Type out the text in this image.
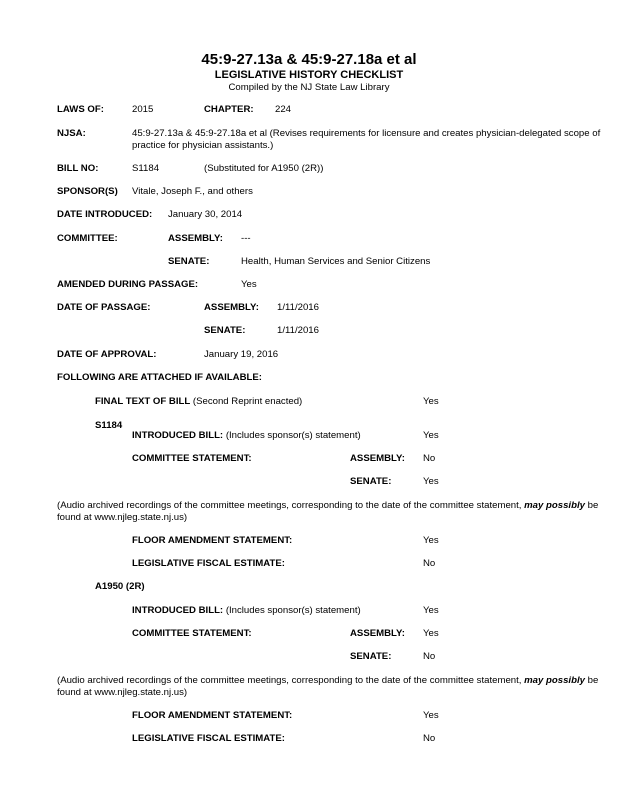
45:9-27.13a & 45:9-27.18a et al
LEGISLATIVE HISTORY CHECKLIST
Compiled by the NJ State Law Library
LAWS OF:	2015	CHAPTER: 224
NJSA:	45:9-27.13a & 45:9-27.18a et al (Revises requirements for licensure and creates physician-delegated scope of practice for physician assistants.)
BILL NO:	S1184	(Substituted for A1950 (2R))
SPONSOR(S) Vitale, Joseph F., and others
DATE INTRODUCED: January 30, 2014
COMMITTEE:	ASSEMBLY: ---
SENATE:	Health, Human Services and Senior Citizens
AMENDED DURING PASSAGE:	Yes
DATE OF PASSAGE:	ASSEMBLY: 1/11/2016
SENATE:	1/11/2016
DATE OF APPROVAL:	January 19, 2016
FOLLOWING ARE ATTACHED IF AVAILABLE:
FINAL TEXT OF BILL (Second Reprint enacted)	Yes
S1184
INTRODUCED BILL: (Includes sponsor(s) statement)	Yes
COMMITTEE STATEMENT:	ASSEMBLY: No
SENATE:	Yes
(Audio archived recordings of the committee meetings, corresponding to the date of the committee statement, may possibly be found at www.njleg.state.nj.us)
FLOOR AMENDMENT STATEMENT:	Yes
LEGISLATIVE FISCAL ESTIMATE:	No
A1950 (2R)
INTRODUCED BILL: (Includes sponsor(s) statement)	Yes
COMMITTEE STATEMENT:	ASSEMBLY: Yes
SENATE:	No
(Audio archived recordings of the committee meetings, corresponding to the date of the committee statement, may possibly be found at www.njleg.state.nj.us)
FLOOR AMENDMENT STATEMENT:	Yes
LEGISLATIVE FISCAL ESTIMATE:	No
